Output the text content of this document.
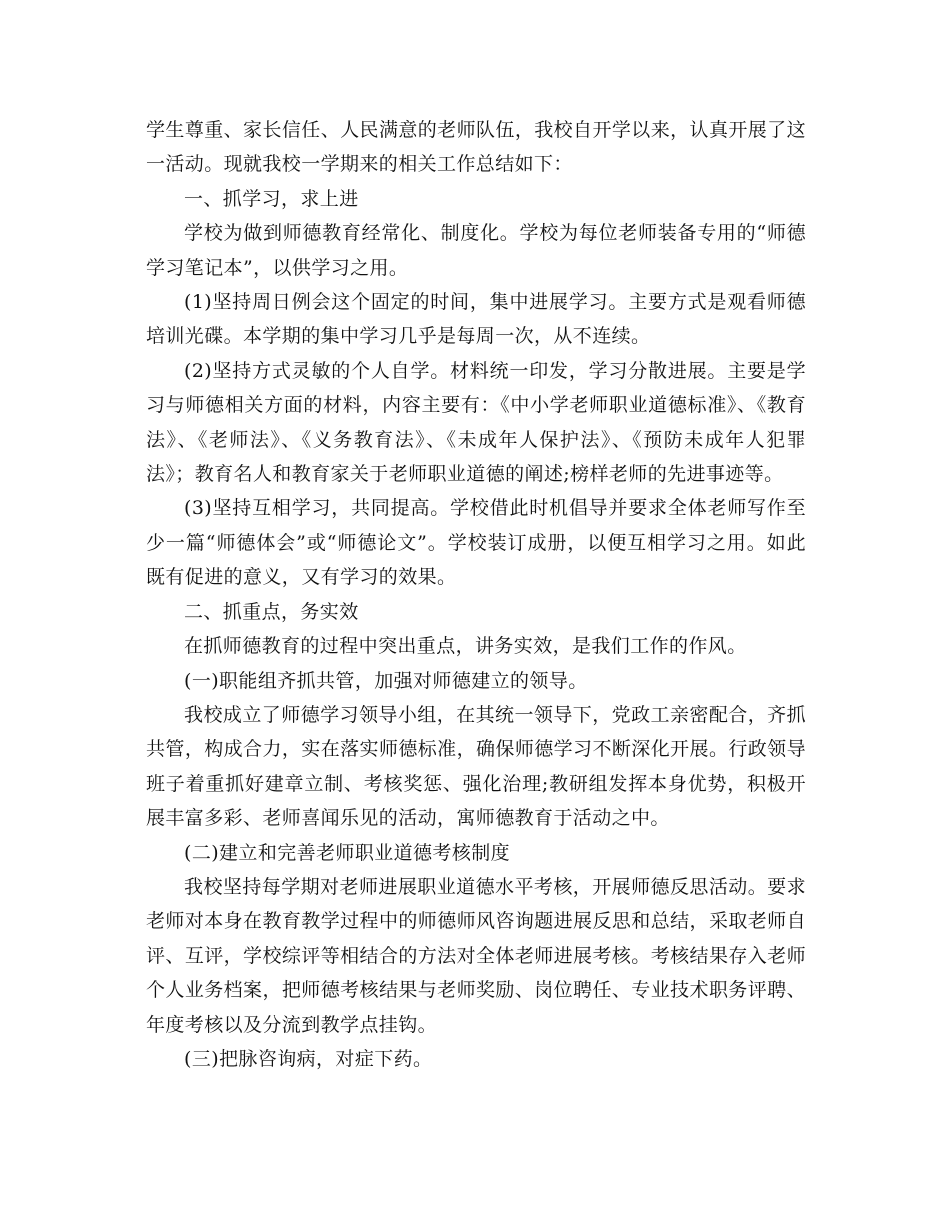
学生尊重、家长信任、人民满意的老师队伍，我校自开学以来，认真开展了这一活动。现就我校一学期来的相关工作总结如下：

一、抓学习，求上进

学校为做到师德教育经常化、制度化。学校为每位老师装备专用的“师德学习笔记本”，以供学习之用。

(1)坚持周日例会这个固定的时间，集中进展学习。主要方式是观看师德培训光碟。本学期的集中学习几乎是每周一次，从不连续。

(2)坚持方式灵敏的个人自学。材料统一印发，学习分散进展。主要是学习与师德相关方面的材料，内容主要有：《中小学老师职业道德标准》、《教育法》、《老师法》、《义务教育法》、《未成年人保护法》、《预防未成年人犯罪法》；教育名人和教育家关于老师职业道德的阐述;榜样老师的先进事迹等。

(3)坚持互相学习，共同提高。学校借此时机倡导并要求全体老师写作至少一篇“师德体会”或“师德论文”。学校装订成册，以便互相学习之用。如此既有促进的意义，又有学习的效果。

二、抓重点，务实效

在抓师德教育的过程中突出重点，讲务实效，是我们工作的作风。

(一)职能组齐抓共管，加强对师德建立的领导。

我校成立了师德学习领导小组，在其统一领导下，党政工亲密配合，齐抓共管，构成合力，实在落实师德标准，确保师德学习不断深化开展。行政领导班子着重抓好建章立制、考核奖惩、强化治理;教研组发挥本身优势，积极开展丰富多彩、老师喜闻乐见的活动，寓师德教育于活动之中。

(二)建立和完善老师职业道德考核制度

我校坚持每学期对老师进展职业道德水平考核，开展师德反思活动。要求老师对本身在教育教学过程中的师德师风咨询题进展反思和总结，采取老师自评、互评，学校综评等相结合的方法对全体老师进展考核。考核结果存入老师个人业务档案，把师德考核结果与老师奖励、岗位聘任、专业技术职务评聘、年度考核以及分流到教学点挂钩。

(三)把脉咨询病，对症下药。
